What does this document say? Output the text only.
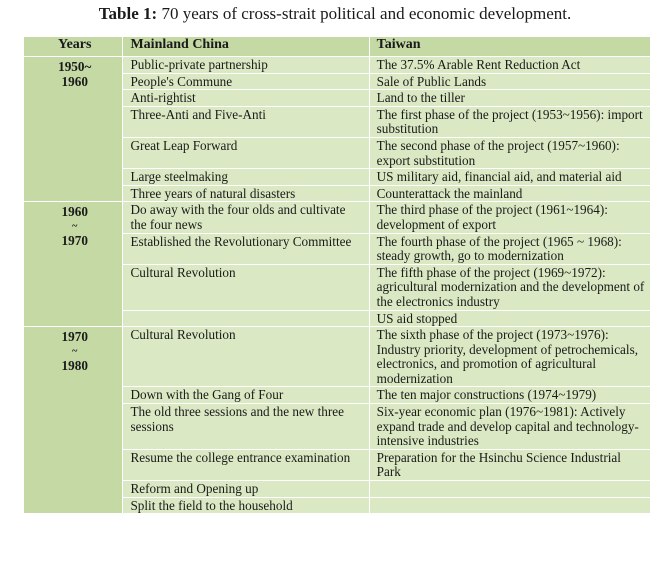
Table 1: 70 years of cross-strait political and economic development.
Years	Mainland China	Taiwan

1950~
1960	Public-private partnership	The 37.5% Arable Rent Reduction Act
	People's Commune	Sale of Public Lands
	Anti-rightist	Land to the tiller
	Three-Anti and Five-Anti	The first phase of the project (1953~1956): import substitution
	Great Leap Forward	The second phase of the project (1957~1960): export substitution
	Large steelmaking	US military aid, financial aid, and material aid
	Three years of natural disasters	Counterattack the mainland

1960
~
1970	Do away with the four olds and cultivate the four news	The third phase of the project (1961~1964): development of export
	Established the Revolutionary Committee	The fourth phase of the project (1965 ~ 1968): steady growth, go to modernization
	Cultural Revolution	The fifth phase of the project (1969~1972): agricultural modernization and the development of the electronics industry
		US aid stopped

1970
~
1980	Cultural Revolution	The sixth phase of the project (1973~1976): Industry priority, development of petrochemicals, electronics, and promotion of agricultural modernization
	Down with the Gang of Four	The ten major constructions (1974~1979)
	The old three sessions and the new three sessions	Six-year economic plan (1976~1981): Actively expand trade and develop capital and technology-intensive industries
	Resume the college entrance examination	Preparation for the Hsinchu Science Industrial Park
	Reform and Opening up	
	Split the field to the household	
